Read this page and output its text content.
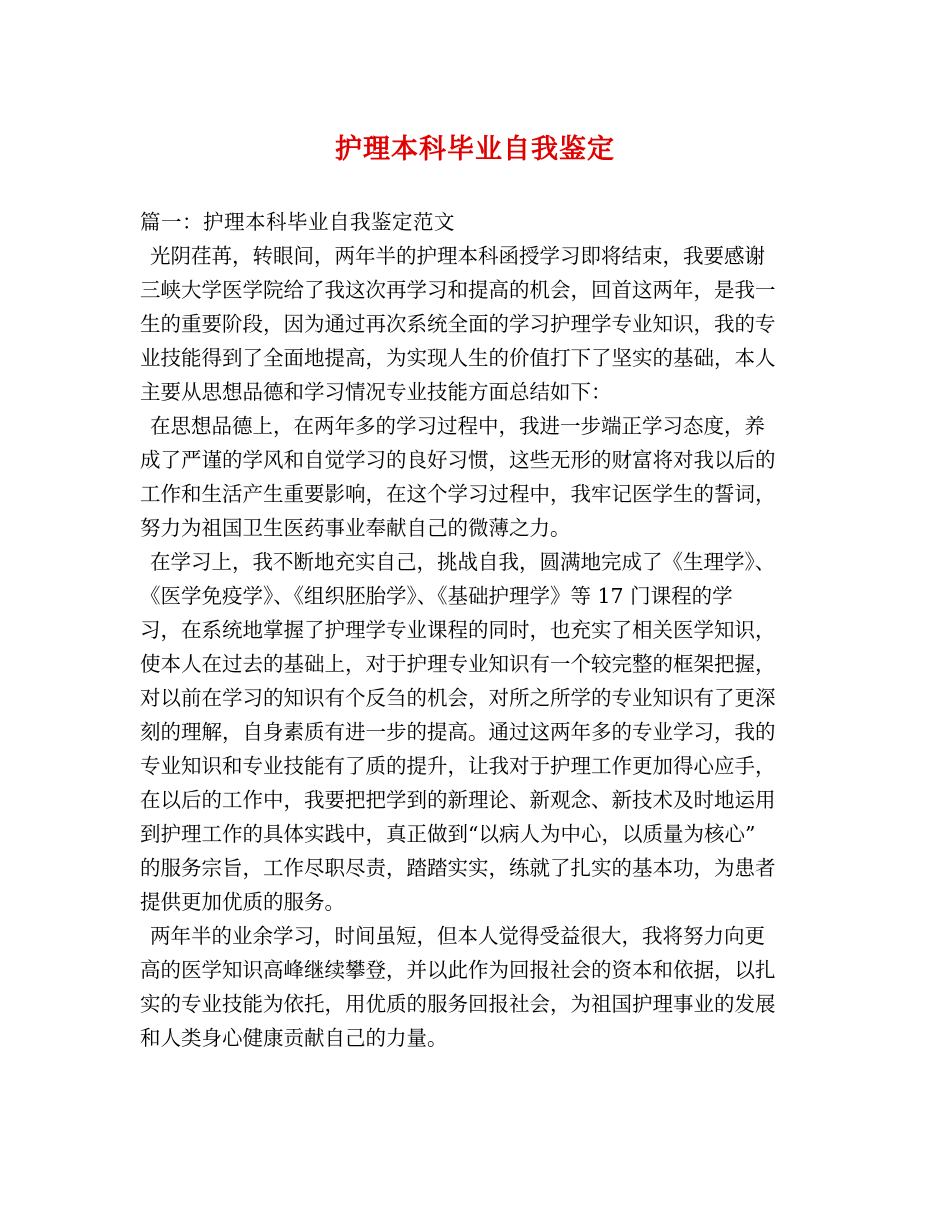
护理本科毕业自我鉴定
篇一：护理本科毕业自我鉴定范文
光阴荏苒，转眼间，两年半的护理本科函授学习即将结束，我要感谢
三峡大学医学院给了我这次再学习和提高的机会，回首这两年，是我一
生的重要阶段，因为通过再次系统全面的学习护理学专业知识，我的专
业技能得到了全面地提高，为实现人生的价值打下了坚实的基础，本人
主要从思想品德和学习情况专业技能方面总结如下：
在思想品德上，在两年多的学习过程中，我进一步端正学习态度，养
成了严谨的学风和自觉学习的良好习惯，这些无形的财富将对我以后的
工作和生活产生重要影响，在这个学习过程中，我牢记医学生的誓词，
努力为祖国卫生医药事业奉献自己的微薄之力。
在学习上，我不断地充实自己，挑战自我，圆满地完成了《生理学》、
《医学免疫学》、《组织胚胎学》、《基础护理学》等 17 门课程的学
习，在系统地掌握了护理学专业课程的同时，也充实了相关医学知识，
使本人在过去的基础上，对于护理专业知识有一个较完整的框架把握，
对以前在学习的知识有个反刍的机会，对所之所学的专业知识有了更深
刻的理解，自身素质有进一步的提高。通过这两年多的专业学习，我的
专业知识和专业技能有了质的提升，让我对于护理工作更加得心应手，
在以后的工作中，我要把把学到的新理论、新观念、新技术及时地运用
到护理工作的具体实践中，真正做到“以病人为中心，以质量为核心”
的服务宗旨，工作尽职尽责，踏踏实实，练就了扎实的基本功，为患者
提供更加优质的服务。
两年半的业余学习，时间虽短，但本人觉得受益很大，我将努力向更
高的医学知识高峰继续攀登，并以此作为回报社会的资本和依据，以扎
实的专业技能为依托，用优质的服务回报社会，为祖国护理事业的发展
和人类身心健康贡献自己的力量。
